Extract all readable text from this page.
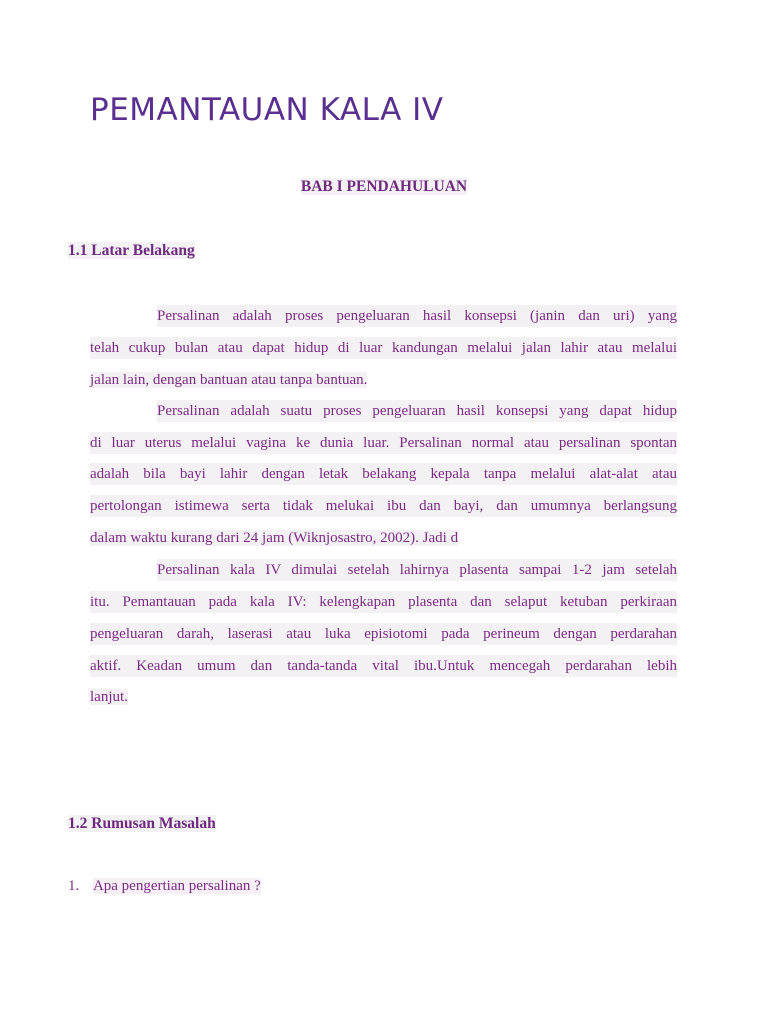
PEMANTAUAN KALA IV
BAB I PENDAHULUAN
1.1 Latar Belakang
Persalinan adalah proses pengeluaran hasil konsepsi (janin dan uri) yang
telah cukup bulan atau dapat hidup di luar kandungan melalui jalan lahir atau melalui
jalan lain, dengan bantuan atau tanpa bantuan.
Persalinan adalah suatu proses pengeluaran hasil konsepsi yang dapat hidup
di luar uterus melalui vagina ke dunia luar. Persalinan normal atau persalinan spontan
adalah bila bayi lahir dengan letak belakang kepala tanpa melalui alat-alat atau
pertolongan istimewa serta tidak melukai ibu dan bayi, dan umumnya berlangsung
dalam waktu kurang dari 24 jam (Wiknjosastro, 2002). Jadi d
Persalinan kala IV dimulai setelah lahirnya plasenta sampai 1-2 jam setelah
itu. Pemantauan pada kala IV: kelengkapan plasenta dan selaput ketuban perkiraan
pengeluaran darah, laserasi atau luka episiotomi pada perineum dengan perdarahan
aktif. Keadan umum dan tanda-tanda vital ibu.Untuk mencegah perdarahan lebih
lanjut.
1.2 Rumusan Masalah
1. Apa pengertian persalinan ?
